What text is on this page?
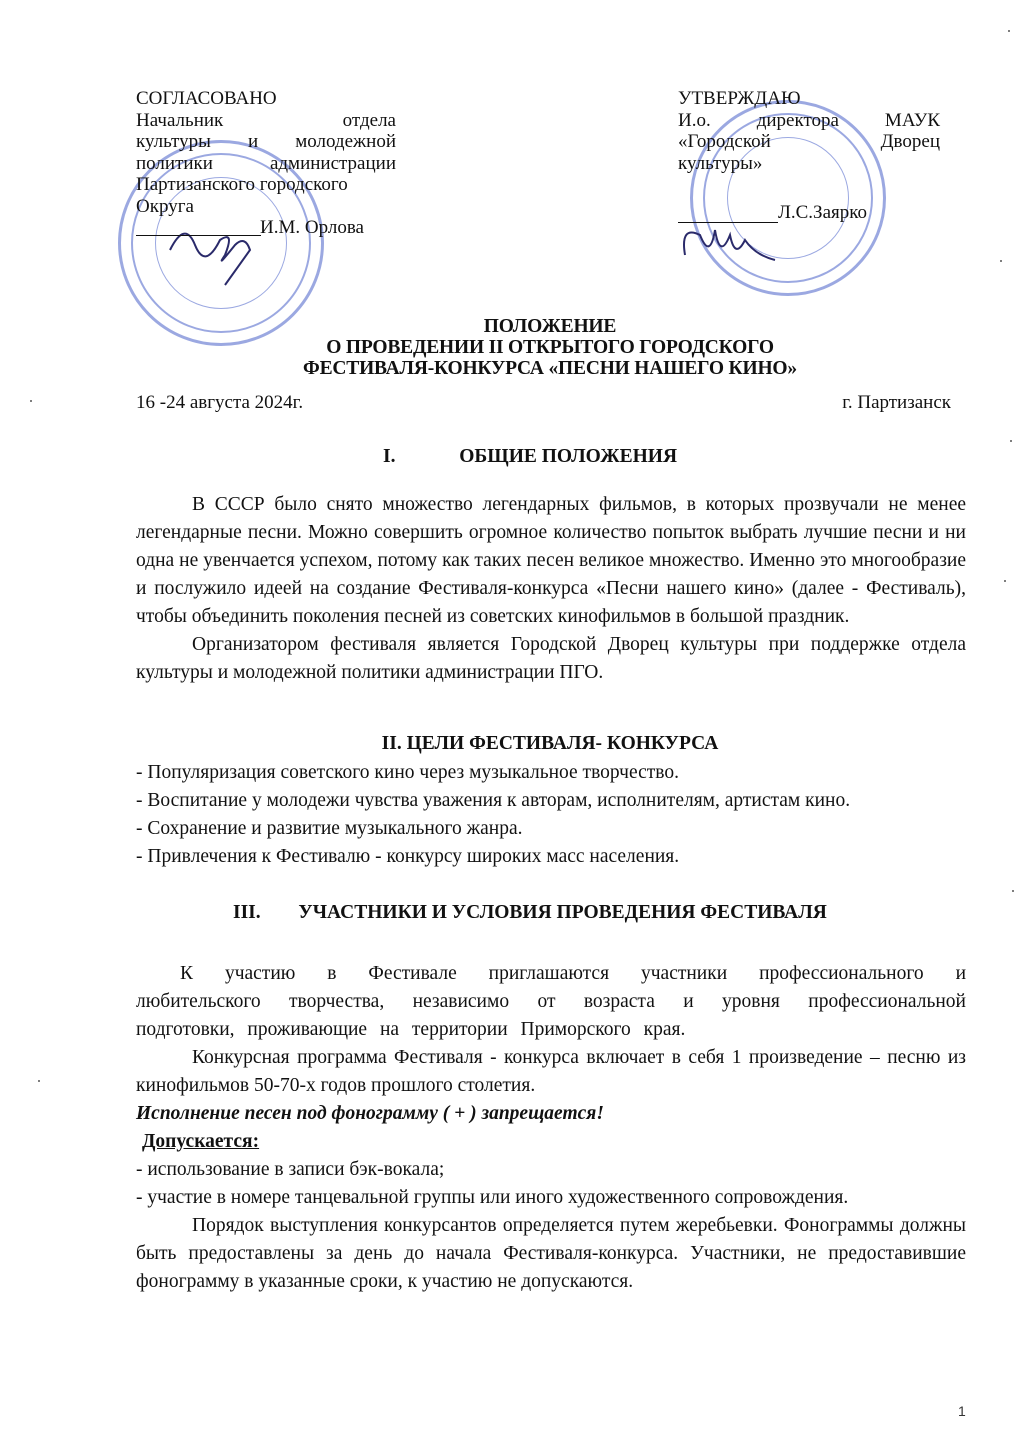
СОГЛАСОВАНО
Начальник	отдела
культуры и молодежной
политики администрации
Партизанского городского
Округа
И.М. Орлова
УТВЕРЖДАЮ
И.о. директора МАУК
«Городской Дворец
культуры»
Л.С.Заярко
ПОЛОЖЕНИЕ
О ПРОВЕДЕНИИ II ОТКРЫТОГО ГОРОДСКОГО
ФЕСТИВАЛЯ-КОНКУРСА «ПЕСНИ НАШЕГО КИНО»
16 -24 августа 2024г.	г. Партизанск
I.	ОБЩИЕ ПОЛОЖЕНИЯ
В СССР было снято множество легендарных фильмов, в которых прозвучали не менее легендарные песни. Можно совершить огромное количество попыток выбрать лучшие песни и ни одна не увенчается успехом, потому как таких песен великое множество. Именно это многообразие и послужило идеей на создание Фестиваля-конкурса «Песни нашего кино» (далее - Фестиваль), чтобы объединить поколения песней из советских кинофильмов в большой праздник.
Организатором фестиваля является Городской Дворец культуры при поддержке отдела культуры и молодежной политики администрации ПГО.
II. ЦЕЛИ ФЕСТИВАЛЯ- КОНКУРСА
- Популяризация советского кино через музыкальное творчество.
- Воспитание у молодежи чувства уважения к авторам, исполнителям, артистам кино.
- Сохранение и развитие музыкального жанра.
- Привлечения к Фестивалю - конкурсу широких масс населения.
III. УЧАСТНИКИ И УСЛОВИЯ ПРОВЕДЕНИЯ ФЕСТИВАЛЯ
К участию в Фестивале приглашаются участники профессионального и любительского творчества, независимо от возраста и уровня профессиональной подготовки, проживающие на территории Приморского края.
Конкурсная программа Фестиваля - конкурса включает в себя 1 произведение – песню из кинофильмов 50-70-х годов прошлого столетия.
Исполнение песен под фонограмму ( + ) запрещается!
Допускается:
- использование в записи бэк-вокала;
- участие в номере танцевальной группы или иного художественного сопровождения.
Порядок выступления конкурсантов определяется путем жеребьевки. Фонограммы должны быть предоставлены за день до начала Фестиваля-конкурса. Участники, не предоставившие фонограмму в указанные сроки, к участию не допускаются.
1
